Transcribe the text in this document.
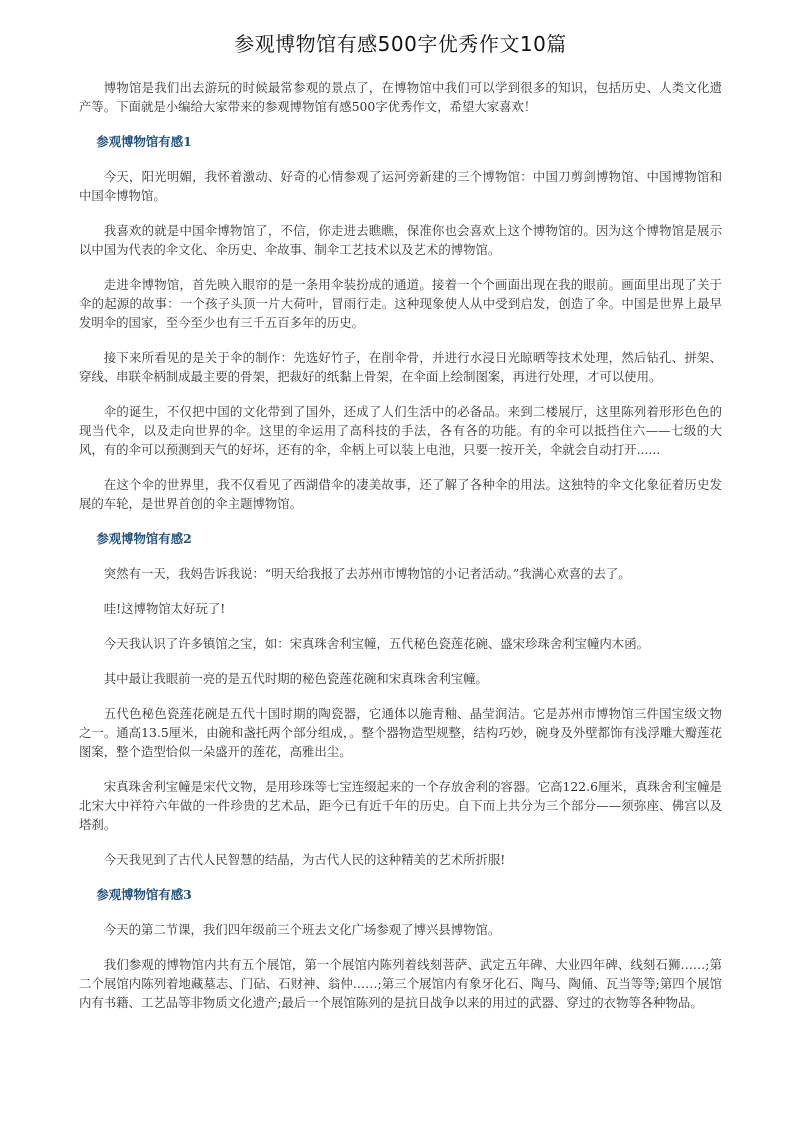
参观博物馆有感500字优秀作文10篇

博物馆是我们出去游玩的时候最常参观的景点了，在博物馆中我们可以学到很多的知识，包括历史、人类文化遗产等。下面就是小编给大家带来的参观博物馆有感500字优秀作文，希望大家喜欢！

参观博物馆有感1

今天，阳光明媚，我怀着激动、好奇的心情参观了运河旁新建的三个博物馆：中国刀剪剑博物馆、中国博物馆和中国伞博物馆。

我喜欢的就是中国伞博物馆了，不信，你走进去瞧瞧，保准你也会喜欢上这个博物馆的。因为这个博物馆是展示以中国为代表的伞文化、伞历史、伞故事、制伞工艺技术以及艺术的博物馆。

走进伞博物馆，首先映入眼帘的是一条用伞装扮成的通道。接着一个个画面出现在我的眼前。画面里出现了关于伞的起源的故事：一个孩子头顶一片大荷叶，冒雨行走。这种现象使人从中受到启发，创造了伞。中国是世界上最早发明伞的国家，至今至少也有三千五百多年的历史。

接下来所看见的是关于伞的制作：先选好竹子，在削伞骨，并进行水浸日光晾晒等技术处理，然后钻孔、拼架、穿线、串联伞柄制成最主要的骨架，把裁好的纸黏上骨架，在伞面上绘制图案，再进行处理，才可以使用。

伞的诞生，不仅把中国的文化带到了国外，还成了人们生活中的必备品。来到二楼展厅，这里陈列着形形色色的现当代伞，以及走向世界的伞。这里的伞运用了高科技的手法，各有各的功能。有的伞可以抵挡住六——七级的大风，有的伞可以预测到天气的好坏，还有的伞，伞柄上可以装上电池，只要一按开关，伞就会自动打开......

在这个伞的世界里，我不仅看见了西湖借伞的凄美故事，还了解了各种伞的用法。这独特的伞文化象征着历史发展的车轮，是世界首创的伞主题博物馆。

参观博物馆有感2

突然有一天，我妈告诉我说：“明天给我报了去苏州市博物馆的小记者活动。”我满心欢喜的去了。

哇!这博物馆太好玩了!

今天我认识了许多镇馆之宝，如：宋真珠舍利宝幢，五代秘色瓷莲花碗、盛宋珍珠舍利宝幢内木函。

其中最让我眼前一亮的是五代时期的秘色瓷莲花碗和宋真珠舍利宝幢。

五代色秘色瓷莲花碗是五代十国时期的陶瓷器，它通体以施青釉、晶莹润洁。它是苏州市博物馆三件国宝级文物之一。通高13.5厘米，由碗和盏托两个部分组成，。整个器物造型规整，结构巧妙，碗身及外壁都饰有浅浮雕大瓣莲花图案，整个造型恰似一朵盛开的莲花，高雅出尘。

宋真珠舍利宝幢是宋代文物，是用珍珠等七宝连缀起来的一个存放舍利的容器。它高122.6厘米，真珠舍利宝幢是北宋大中祥符六年做的一件珍贵的艺术品，距今已有近千年的历史。自下而上共分为三个部分——须弥座、佛宫以及塔刹。

今天我见到了古代人民智慧的结晶，为古代人民的这种精美的艺术所折服!

参观博物馆有感3

今天的第二节课，我们四年级前三个班去文化广场参观了博兴县博物馆。

我们参观的博物馆内共有五个展馆，第一个展馆内陈列着线刻菩萨、武定五年碑、大业四年碑、线刻石狮……;第二个展馆内陈列着地藏墓志、门砧、石财神、翁仲……;第三个展馆内有象牙化石、陶马、陶俑、瓦当等等;第四个展馆内有书籍、工艺品等非物质文化遗产;最后一个展馆陈列的是抗日战争以来的用过的武器、穿过的衣物等各种物品。
